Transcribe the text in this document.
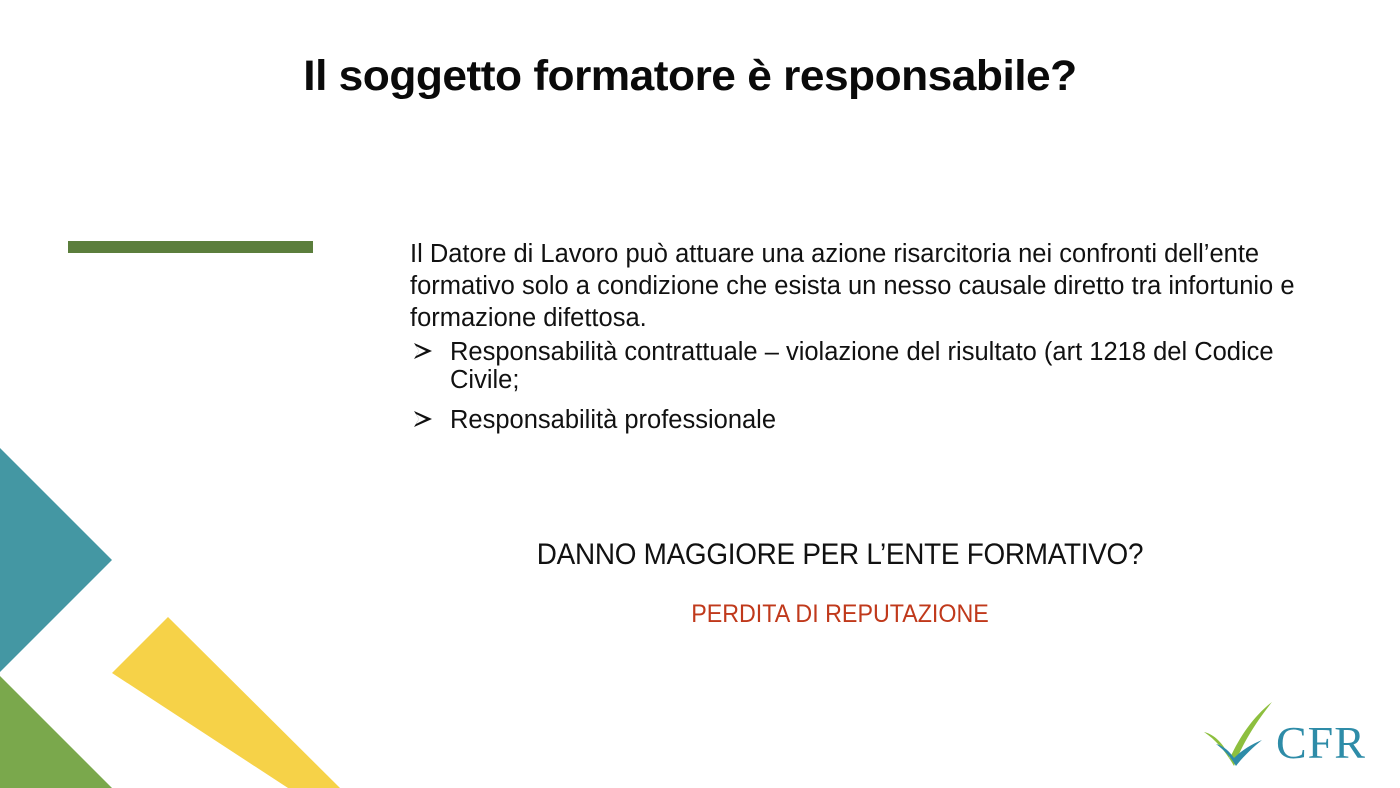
Il soggetto formatore è responsabile?

Il Datore di Lavoro può attuare una azione risarcitoria nei confronti dell’ente formativo solo a condizione che esista un nesso causale diretto tra infortunio e formazione difettosa.

Responsabilità contrattuale – violazione del risultato (art 1218 del Codice Civile;
Responsabilità professionale
DANNO MAGGIORE PER L’ENTE FORMATIVO?
PERDITA DI REPUTAZIONE
CFR
